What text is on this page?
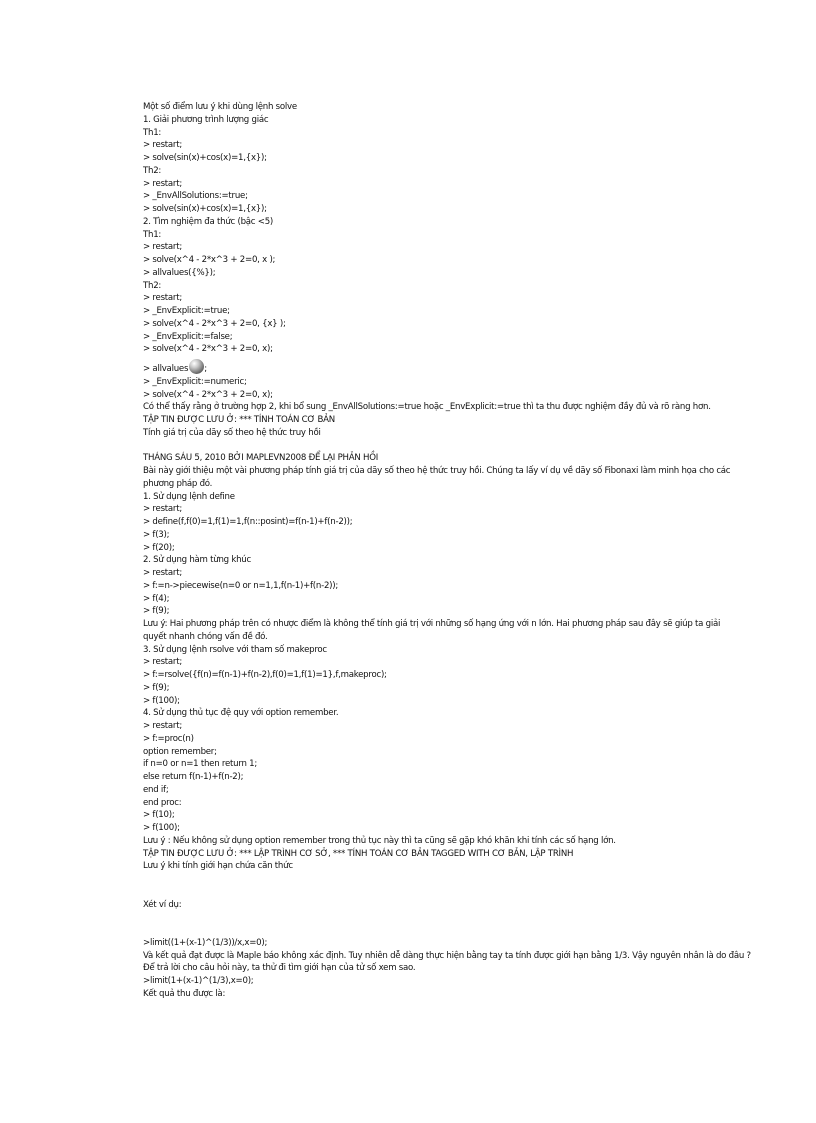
Một số điểm lưu ý khi dùng lệnh solve
1. Giải phương trình lượng giác
Th1:
> restart;
> solve(sin(x)+cos(x)=1,{x});
Th2:
> restart;
> _EnvAllSolutions:=true;
> solve(sin(x)+cos(x)=1,{x});
2. Tìm nghiệm đa thức (bậc <5)
Th1:
> restart;
> solve(x^4 - 2*x^3 + 2=0, x );
> allvalues({%});
Th2:
> restart;
> _EnvExplicit:=true;
> solve(x^4 - 2*x^3 + 2=0, {x} );
> _EnvExplicit:=false;
> solve(x^4 - 2*x^3 + 2=0, x);
> allvalues ;
> _EnvExplicit:=numeric;
> solve(x^4 - 2*x^3 + 2=0, x);
Có thể thấy rằng ở trường hợp 2, khi bổ sung _EnvAllSolutions:=true hoặc _EnvExplicit:=true thì ta thu được nghiệm đầy đủ và rõ ràng hơn.
TẬP TIN ĐƯỢC LƯU Ở: *** TÍNH TOÁN CƠ BẢN
Tính giá trị của dãy số theo hệ thức truy hồi
THÁNG SÁU 5, 2010 BỞI MAPLEVN2008 ĐỂ LẠI PHẢN HỒI
Bài này giới thiệu một vài phương pháp tính giá trị của dãy số theo hệ thức truy hồi. Chúng ta lấy ví dụ về dãy số Fibonaxi làm minh họa cho các phương pháp đó.
1. Sử dụng lệnh define
> restart;
> define(f,f(0)=1,f(1)=1,f(n::posint)=f(n-1)+f(n-2));
> f(3);
> f(20);
2. Sử dụng hàm từng khúc
> restart;
> f:=n->piecewise(n=0 or n=1,1,f(n-1)+f(n-2));
> f(4);
> f(9);
Lưu ý: Hai phương pháp trên có nhược điểm là không thể tính giá trị với những số hạng ứng với n lớn. Hai phương pháp sau đây sẽ giúp ta giải quyết nhanh chóng vấn đề đó.
3. Sử dụng lệnh rsolve với tham số makeproc
> restart;
> f:=rsolve({f(n)=f(n-1)+f(n-2),f(0)=1,f(1)=1},f,makeproc);
> f(9);
> f(100);
4. Sử dụng thủ tục đệ quy với option remember.
> restart;
> f:=proc(n)
option remember;
if n=0 or n=1 then return 1;
else return f(n-1)+f(n-2);
end if;
end proc:
> f(10);
> f(100);
Lưu ý : Nếu không sử dụng option remember trong thủ tục này thì ta cũng sẽ gặp khó khăn khi tính các số hạng lớn.
TẬP TIN ĐƯỢC LƯU Ở: *** LẬP TRÌNH CƠ SỞ, *** TÍNH TOÁN CƠ BẢN TAGGED WITH CƠ BẢN, LẬP TRÌNH
Lưu ý khi tính giới hạn chứa căn thức
Xét ví dụ:
>limit((1+(x-1)^(1/3))/x,x=0);
Và kết quả đạt được là Maple báo không xác định. Tuy nhiên dễ dàng thực hiện bằng tay ta tính được giới hạn bằng 1/3. Vậy nguyên nhân là do đâu ?
Để trả lời cho câu hỏi này, ta thử đi tìm giới hạn của tử số xem sao.
>limit(1+(x-1)^(1/3),x=0);
Kết quả thu được là:
